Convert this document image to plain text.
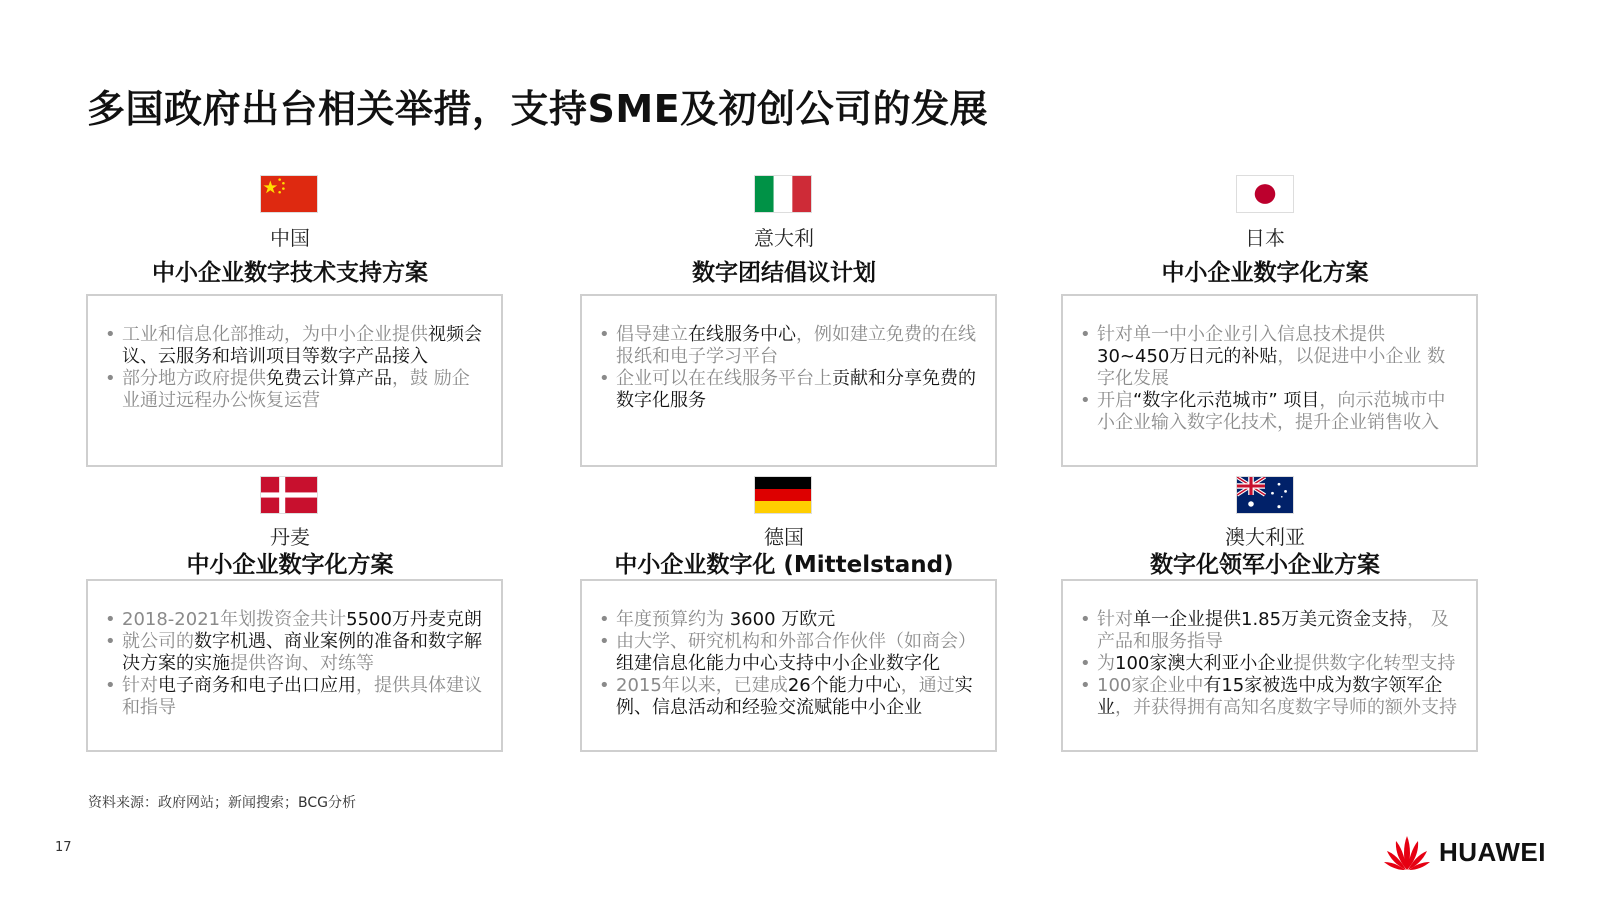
多国政府出台相关举措，支持SME及初创公司的发展
中国
中小企业数字技术支持方案
• 工业和信息化部推动，为中小企业提供视频会议、云服务和培训项目等数字产品接入
• 部分地方政府提供免费云计算产品，鼓 励企业通过远程办公恢复运营
意大利
数字团结倡议计划
• 倡导建立在线服务中心，例如建立免费的在线报纸和电子学习平台
• 企业可以在在线服务平台上贡献和分享免费的数字化服务
日本
中小企业数字化方案
• 针对单一中小企业引入信息技术提供 30~450万日元的补贴，以促进中小企业 数字化发展
• 开启“数字化示范城市” 项目，向示范城市中小企业输入数字化技术，提升企业销售收入
丹麦
中小企业数字化方案
• 2018-2021年划拨资金共计5500万丹麦克朗
• 就公司的数字机遇、商业案例的准备和数字解决方案的实施提供咨询、对练等
• 针对电子商务和电子出口应用，提供具体建议和指导
德国
中小企业数字化 (Mittelstand)
• 年度预算约为 3600 万欧元
• 由大学、研究机构和外部合作伙伴（如商会）组建信息化能力中心支持中小企业数字化
• 2015年以来，已建成26个能力中心，通过实例、信息活动和经验交流赋能中小企业
澳大利亚
数字化领军小企业方案
• 针对单一企业提供1.85万美元资金支持， 及产品和服务指导
• 为100家澳大利亚小企业提供数字化转型支持
• 100家企业中有15家被选中成为数字领军企业，并获得拥有高知名度数字导师的额外支持
资料来源：政府网站；新闻搜索；BCG分析
17	HUAWEI
